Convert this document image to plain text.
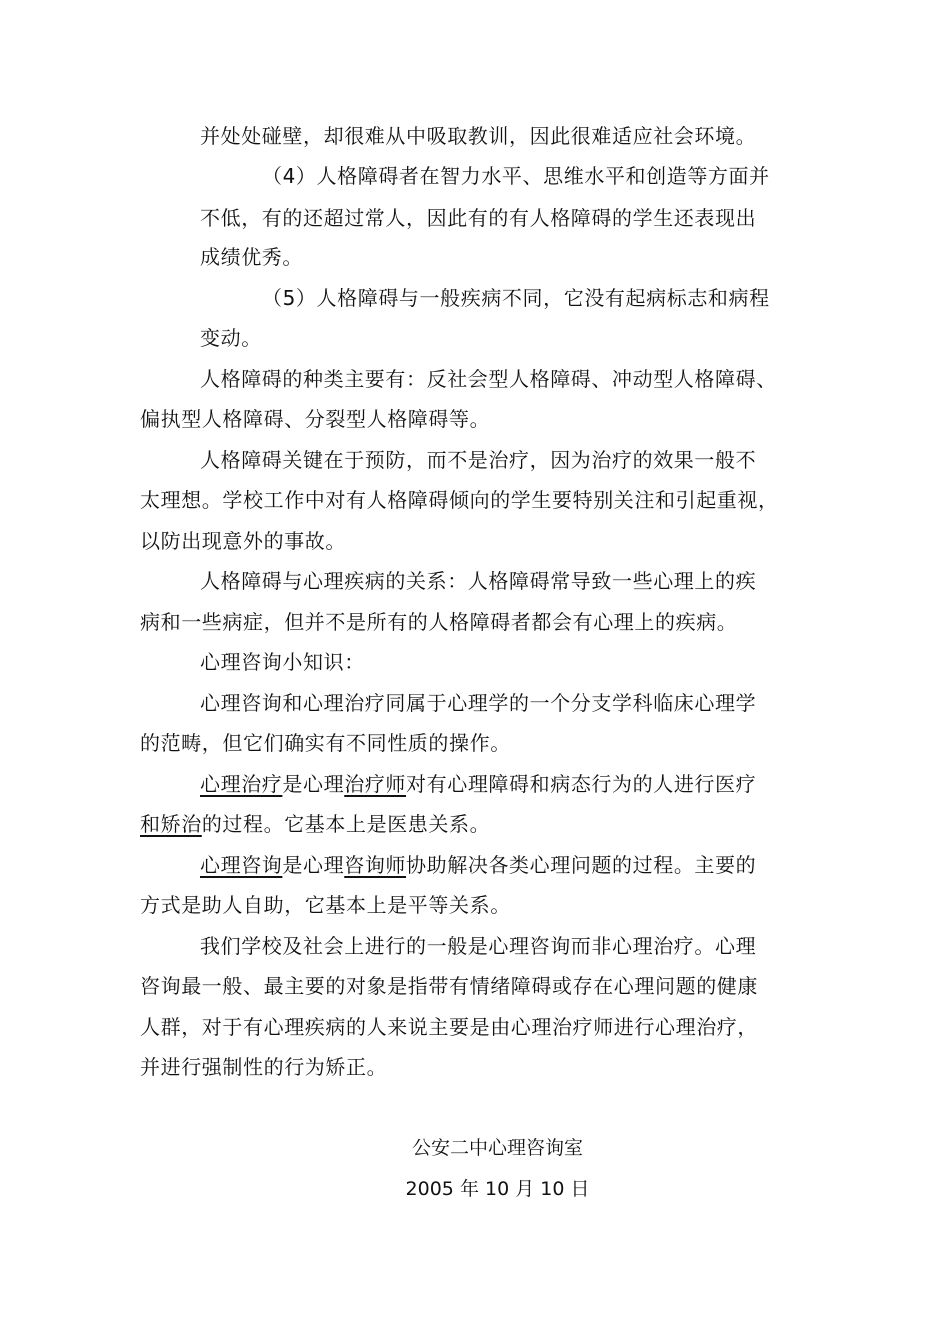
并处处碰壁，却很难从中吸取教训，因此很难适应社会环境。
（4）人格障碍者在智力水平、思维水平和创造等方面并
不低，有的还超过常人，因此有的有人格障碍的学生还表现出
成绩优秀。
（5）人格障碍与一般疾病不同，它没有起病标志和病程
变动。
人格障碍的种类主要有：反社会型人格障碍、冲动型人格障碍、
偏执型人格障碍、分裂型人格障碍等。
人格障碍关键在于预防，而不是治疗，因为治疗的效果一般不
太理想。学校工作中对有人格障碍倾向的学生要特别关注和引起重视，
以防出现意外的事故。
人格障碍与心理疾病的关系：人格障碍常导致一些心理上的疾
病和一些病症，但并不是所有的人格障碍者都会有心理上的疾病。
心理咨询小知识：
心理咨询和心理治疗同属于心理学的一个分支学科临床心理学
的范畴，但它们确实有不同性质的操作。
心理治疗是心理治疗师对有心理障碍和病态行为的人进行医疗
和矫治的过程。它基本上是医患关系。
心理咨询是心理咨询师协助解决各类心理问题的过程。主要的
方式是助人自助，它基本上是平等关系。
我们学校及社会上进行的一般是心理咨询而非心理治疗。心理
咨询最一般、最主要的对象是指带有情绪障碍或存在心理问题的健康
人群，对于有心理疾病的人来说主要是由心理治疗师进行心理治疗，
并进行强制性的行为矫正。
公安二中心理咨询室
2005 年 10 月 10 日
